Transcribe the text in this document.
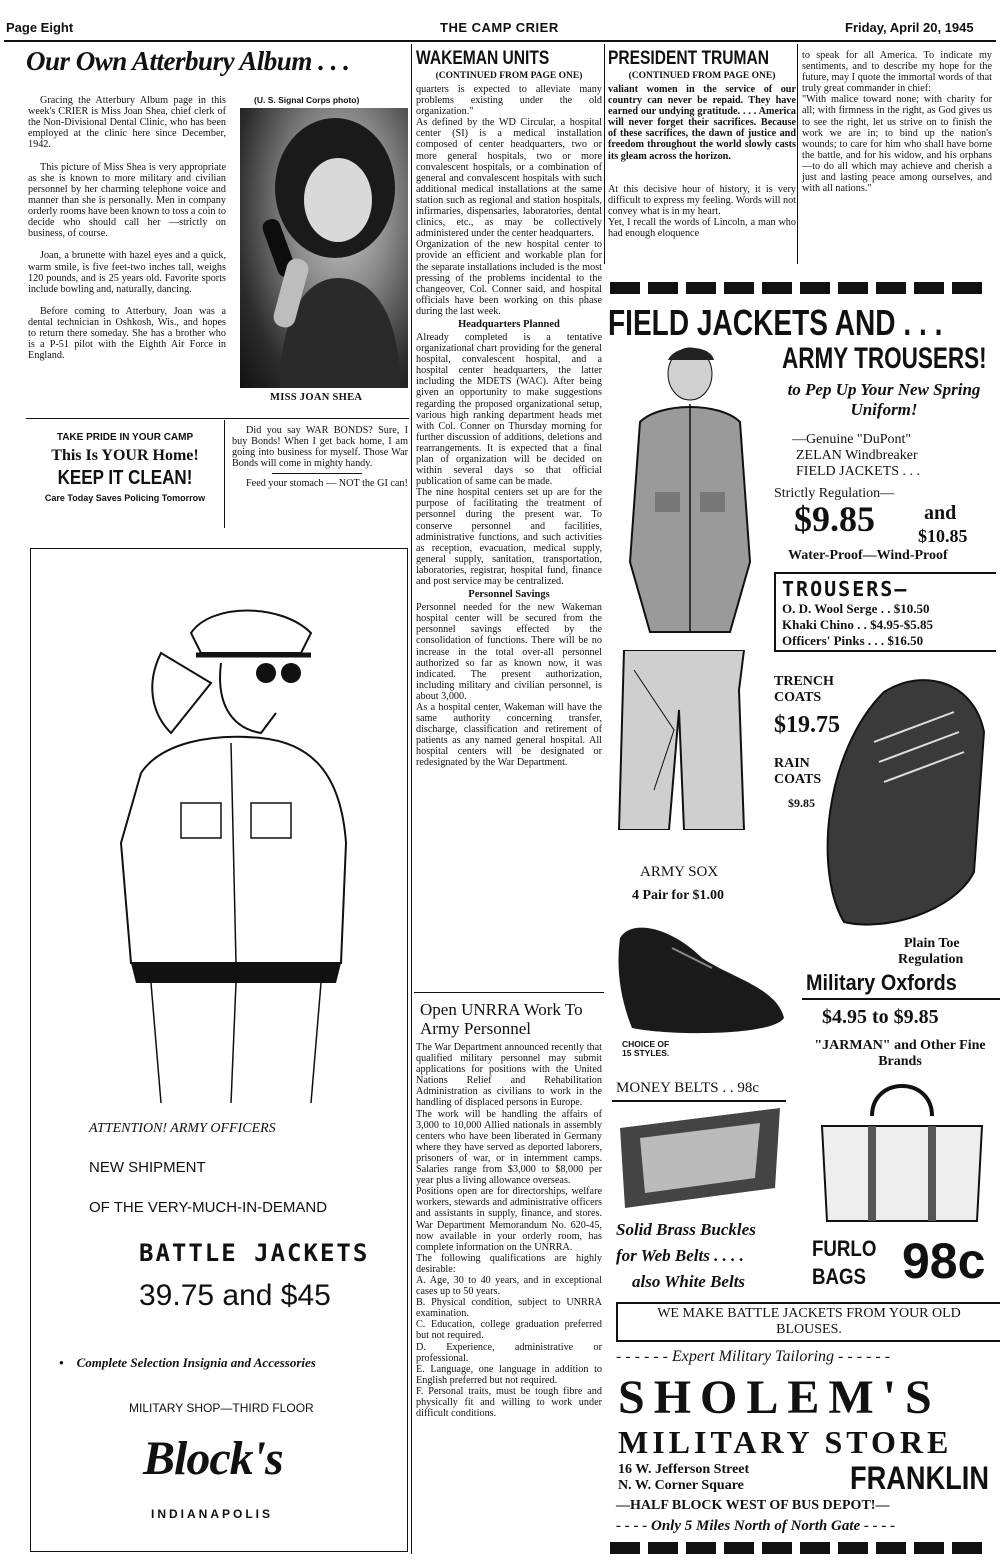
Page Eight	THE CAMP CRIER	Friday, April 20, 1945
Our Own Atterbury Album . . .

Gracing the Atterbury Album page in this week's CRIER is Miss Joan Shea, chief clerk of the Non-Divisional Dental Clinic, who has been employed at the clinic here since December, 1942.

This picture of Miss Shea is very appropriate as she is known to more military and civilian personnel by her charming telephone voice and manner than she is personally. Men in company orderly rooms have been known to toss a coin to decide who should call her —strictly on business, of course.

Joan, a brunette with hazel eyes and a quick, warm smile, is five feet-two inches tall, weighs 120 pounds, and is 25 years old. Favorite sports include bowling and, naturally, dancing.

Before coming to Atterbury, Joan was a dental technician in Oshkosh, Wis., and hopes to return there someday. She has a brother who is a P-51 pilot with the Eighth Air Force in England.

(U. S. Signal Corps photo)
MISS JOAN SHEA
TAKE PRIDE IN YOUR CAMP
This Is YOUR Home!
KEEP IT CLEAN!
Care Today Saves Policing Tomorrow
Did you say WAR BONDS? Sure, I buy Bonds! When I get back home, I am going into business for myself. Those War Bonds will come in mighty handy.
Feed your stomach — NOT the GI can!
ATTENTION! ARMY OFFICERS
NEW SHIPMENT
OF THE VERY-MUCH-IN-DEMAND
BATTLE JACKETS
39.75 and $45
•    Complete Selection Insignia and Accessories
MILITARY SHOP—THIRD FLOOR
Block's
INDIANAPOLIS
WAKEMAN UNITS
(CONTINUED FROM PAGE ONE)
quarters is expected to alleviate many problems existing under the old organization."
As defined by the WD Circular, a hospital center (SI) is a medical installation composed of center headquarters, two or more general hospitals, two or more convalescent hospitals, or a combination of general and convalescent hospitals with such additional medical installations at the same station such as regional and station hospitals, infirmaries, dispensaries, laboratories, dental clinics, etc., as may be collectively administered under the center headquarters.
Organization of the new hospital center to provide an efficient and workable plan for the separate installations included is the most pressing of the problems incidental to the changeover, Col. Conner said, and hospital officials have been working on this phase during the last week.
Headquarters Planned
Already completed is a tentative organizational chart providing for the general hospital, convalescent hospital, and a hospital center headquarters, the latter including the MDETS (WAC). After being given an opportunity to make suggestions regarding the proposed organizational setup, various high ranking department heads met with Col. Conner on Thursday morning for further discussion of additions, deletions and rearrangements. It is expected that a final plan of organization will be decided on within several days so that official publication of same can be made.
The nine hospital centers set up are for the purpose of facilitating the treatment of personnel during the present war. To conserve personnel and facilities, administrative functions, and such activities as reception, evacuation, medical supply, general supply, sanitation, transportation, laboratories, registrar, hospital fund, finance and post service may be centralized.
Personnel Savings
Personnel needed for the new Wakeman hospital center will be secured from the personnel savings effected by the consolidation of functions. There will be no increase in the total over-all personnel authorized so far as known now, it was indicated. The present authorization, including military and civilian personnel, is about 3,000.
As a hospital center, Wakeman will have the same authority concerning transfer, discharge, classification and retirement of patients as any named general hospital. All hospital centers will be designated or redesignated by the War Department.
Open UNRRA Work To Army Personnel
The War Department announced recently that qualified military personnel may submit applications for positions with the United Nations Relief and Rehabilitation Administration as civilians to work in the handling of displaced persons in Europe.
The work will be handling the affairs of 3,000 to 10,000 Allied nationals in assembly centers who have been liberated in Germany where they have served as deported laborers, prisoners of war, or in internment camps. Salaries range from $3,000 to $8,000 per year plus a living allowance overseas.
Positions open are for directorships, welfare workers, stewards and administrative officers and assistants in supply, finance, and stores. War Department Memorandum No. 620-45, now available in your orderly room, has complete information on the UNRRA.
The following qualifications are highly desirable:
A. Age, 30 to 40 years, and in exceptional cases up to 50 years.
B. Physical condition, subject to UNRRA examination.
C. Education, college graduation preferred but not required.
D. Experience, administrative or professional.
E. Language, one language in addition to English preferred but not required.
F. Personal traits, must be tough fibre and physically fit and willing to work under difficult conditions.
PRESIDENT TRUMAN
(CONTINUED FROM PAGE ONE)
valiant women in the service of our country can never be repaid. They have earned our undying gratitude. . . . America will never forget their sacrifices. Because of these sacrifices, the dawn of justice and freedom throughout the world slowly casts its gleam across the horizon.
At this decisive hour of history, it is very difficult to express my feeling. Words will not convey what is in my heart.
Yet, I recall the words of Lincoln, a man who had enough eloquence
to speak for all America. To indicate my sentiments, and to describe my hope for the future, may I quote the immortal words of that truly great commander in chief:
"With malice toward none; with charity for all; with firmness in the right, as God gives us to see the right, let us strive on to finish the work we are in; to bind up the nation's wounds; to care for him who shall have borne the battle, and for his widow, and his orphans—to do all which may achieve and cherish a just and lasting peace among ourselves, and with all nations."
FIELD JACKETS AND . . .
ARMY TROUSERS!
to Pep Up Your New Spring Uniform!
—Genuine "DuPont"
ZELAN Windbreaker
FIELD JACKETS . . .
Strictly Regulation—
$9.85 and
$10.85
Water-Proof—Wind-Proof
TROUSERS—
O. D. Wool Serge . . $10.50
Khaki Chino . . $4.95-$5.85
Officers' Pinks . . . $16.50
TRENCH
COATS
$19.75
RAIN
COATS
$9.85
ARMY SOX
4 Pair for $1.00
Plain Toe
Regulation
CHOICE OF 15 STYLES.
Military Oxfords
$4.95 to $9.85
"JARMAN" and Other Fine Brands
MONEY BELTS . . 98c
Solid Brass Buckles
for Web Belts . . . .
also White Belts
FURLO
BAGS 98c
WE MAKE BATTLE JACKETS FROM YOUR OLD BLOUSES.
- - - - - - Expert Military Tailoring - - - - - -
SHOLEM'S
MILITARY STORE
16 W. Jefferson Street
N. W. Corner Square	FRANKLIN
—HALF BLOCK WEST OF BUS DEPOT!—
- - - - Only 5 Miles North of North Gate - - - -
